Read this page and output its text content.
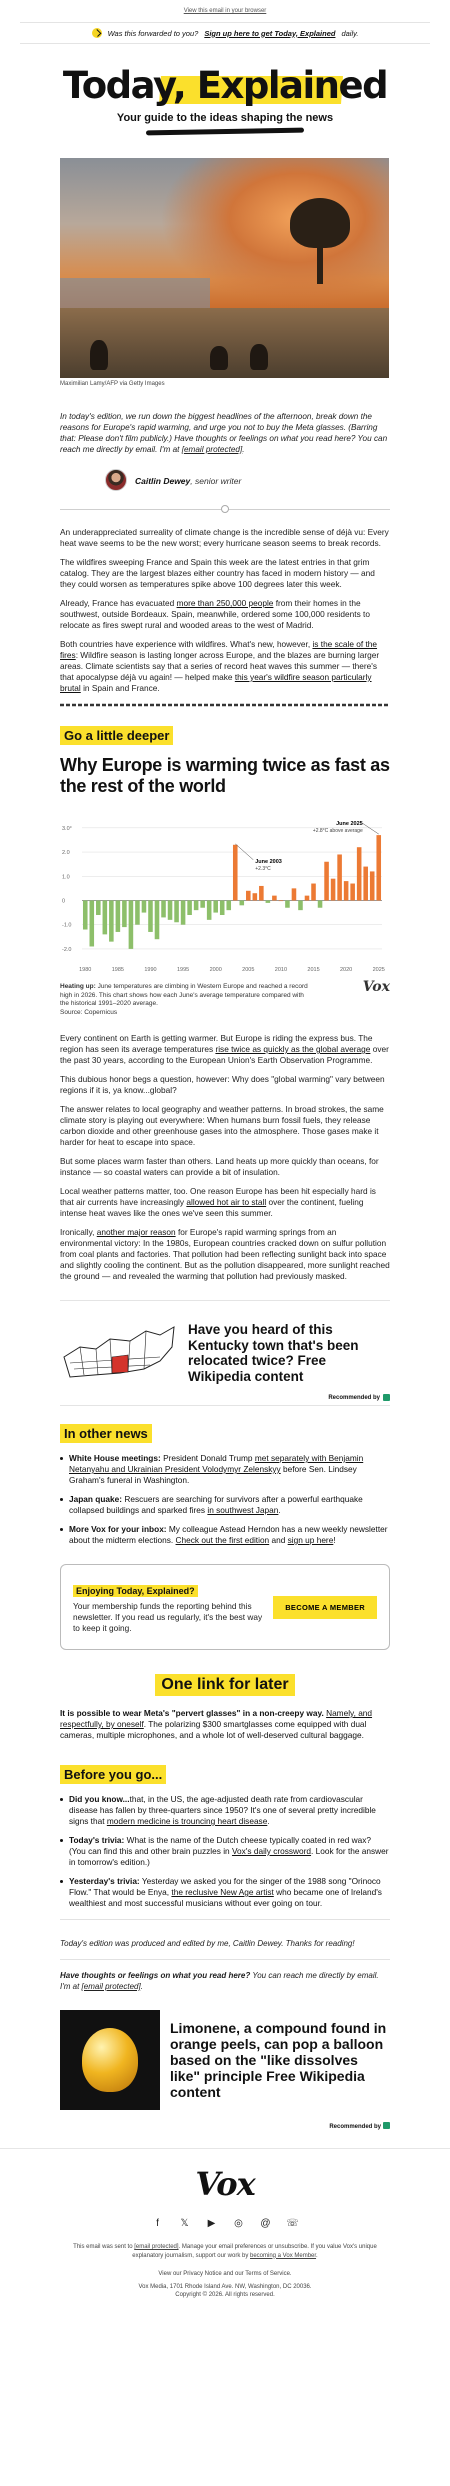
View this email in your browser
Was this forwarded to you? Sign up here to get Today, Explained daily.
Today, Explained
Your guide to the ideas shaping the news
Maximilian Lamy/AFP via Getty Images
In today's edition, we run down the biggest headlines of the afternoon, break down the reasons for Europe's rapid warming, and urge you not to buy the Meta glasses. (Barring that: Please don't film publicly.) Have thoughts or feelings on what you read here? You can reach me directly by email. I'm at [email protected].
Caitlin Dewey, senior writer

An underappreciated surreality of climate change is the incredible sense of déjà vu: Every heat wave seems to be the new worst; every hurricane season seems to break records.

The wildfires sweeping France and Spain this week are the latest entries in that grim catalog. They are the largest blazes either country has faced in modern history — and they could worsen as temperatures spike above 100 degrees later this week.

Already, France has evacuated more than 250,000 people from their homes in the southwest, outside Bordeaux. Spain, meanwhile, ordered some 100,000 residents to relocate as fires swept rural and wooded areas to the west of Madrid.

Both countries have experience with wildfires. What's new, however, is the scale of the fires: Wildfire season is lasting longer across Europe, and the blazes are burning larger areas. Climate scientists say that a series of record heat waves this summer — there's that apocalypse déjà vu again! — helped make this year's wildfire season particularly brutal in Spain and France.

Go a little deeper
Why Europe is warming twice as fast as the rest of the world
3.0°
2.0
1.0
0
-1.0
-2.0
1980	1985	1990	1995	2000	2005	2010	2015	2020	2025
June 2003
+2.3°C
June 2025
+2.8°C above average
Vox
Heating up: June temperatures are climbing in Western Europe and reached a record high in 2026. This chart shows how each June's average temperature compared with the historical 1991–2020 average.
Source: Copernicus

Every continent on Earth is getting warmer. But Europe is riding the express bus. The region has seen its average temperatures rise twice as quickly as the global average over the past 30 years, according to the European Union's Earth Observation Programme.

This dubious honor begs a question, however: Why does "global warming" vary between regions if it is, ya know...global?

The answer relates to local geography and weather patterns. In broad strokes, the same climate story is playing out everywhere: When humans burn fossil fuels, they release carbon dioxide and other greenhouse gases into the atmosphere. Those gases make it harder for heat to escape into space.

But some places warm faster than others. Land heats up more quickly than oceans, for instance — so coastal waters can provide a bit of insulation.

Local weather patterns matter, too. One reason Europe has been hit especially hard is that air currents have increasingly allowed hot air to stall over the continent, fueling intense heat waves like the ones we've seen this summer.

Ironically, another major reason for Europe's rapid warming springs from an environmental victory: In the 1980s, European countries cracked down on sulfur pollution from coal plants and factories. That pollution had been reflecting sunlight back into space and slightly cooling the continent. But as the pollution disappeared, more sunlight reached the ground — and revealed the warming that pollution had previously masked.

Have you heard of this Kentucky town that's been relocated twice? Free Wikipedia content
Recommended by
In other news
White House meetings: President Donald Trump met separately with Benjamin Netanyahu and Ukrainian President Volodymyr Zelenskyy before Sen. Lindsey Graham's funeral in Washington.
Japan quake: Rescuers are searching for survivors after a powerful earthquake collapsed buildings and sparked fires in southwest Japan.
More Vox for your inbox: My colleague Astead Herndon has a new weekly newsletter about the midterm elections. Check out the first edition and sign up here!
Enjoying Today, Explained?
Your membership funds the reporting behind this newsletter. If you read us regularly, it's the best way to keep it going.
BECOME A MEMBER
One link for later
It is possible to wear Meta's "pervert glasses" in a non-creepy way. Namely, and respectfully, by oneself. The polarizing $300 smartglasses come equipped with dual cameras, multiple microphones, and a whole lot of well-deserved cultural baggage.
Before you go...
Did you know...that, in the US, the age-adjusted death rate from cardiovascular disease has fallen by three-quarters since 1950? It's one of several pretty incredible signs that modern medicine is trouncing heart disease.
Today's trivia: What is the name of the Dutch cheese typically coated in red wax? (You can find this and other brain puzzles in Vox's daily crossword. Look for the answer in tomorrow's edition.)
Yesterday's trivia: Yesterday we asked you for the singer of the 1988 song "Orinoco Flow." That would be Enya, the reclusive New Age artist who became one of Ireland's wealthiest and most successful musicians without ever going on tour.

Today's edition was produced and edited by me, Caitlin Dewey. Thanks for reading!

Have thoughts or feelings on what you read here? You can reach me directly by email. I'm at [email protected].
Limonene, a compound found in orange peels, can pop a balloon based on the "like dissolves like" principle Free Wikipedia content
Recommended by
Vox
f	𝕏 ▶ ◎ @ ☏
This email was sent to [email protected]. Manage your email preferences or unsubscribe. If you value Vox's unique explanatory journalism, support our work by becoming a Vox Member.
View our Privacy Notice and our Terms of Service.
Vox Media, 1701 Rhode Island Ave. NW, Washington, DC 20036.
Copyright © 2026. All rights reserved.
